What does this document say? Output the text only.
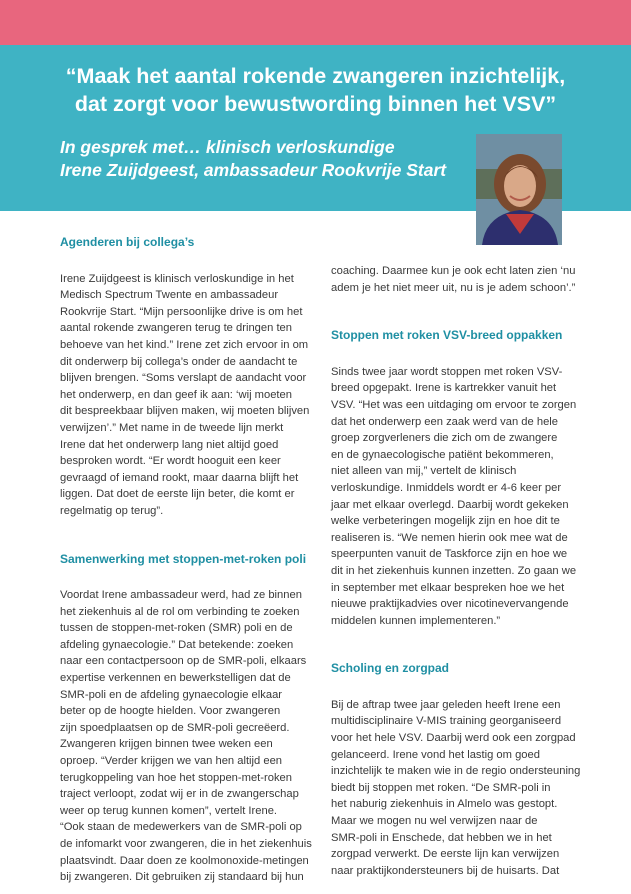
“Maak het aantal rokende zwangeren inzichtelijk,
dat zorgt voor bewustwording binnen het VSV”
In gesprek met… klinisch verloskundige
Irene Zuijdgeest, ambassadeur Rookvrije Start

Agenderen bij collega’s

Irene Zuijdgeest is klinisch verloskundige in het
Medisch Spectrum Twente en ambassadeur
Rookvrije Start. “Mijn persoonlijke drive is om het
aantal rokende zwangeren terug te dringen ten
behoeve van het kind.” Irene zet zich ervoor in om
dit onderwerp bij collega’s onder de aandacht te
blijven brengen. “Soms verslapt de aandacht voor
het onderwerp, en dan geef ik aan: ‘wij moeten
dit bespreekbaar blijven maken, wij moeten blijven
verwijzen’.” Met name in de tweede lijn merkt
Irene dat het onderwerp lang niet altijd goed
besproken wordt. “Er wordt hooguit een keer
gevraagd of iemand rookt, maar daarna blijft het
liggen. Dat doet de eerste lijn beter, die komt er
regelmatig op terug”.

Samenwerking met stoppen-met-roken poli

Voordat Irene ambassadeur werd, had ze binnen
het ziekenhuis al de rol om verbinding te zoeken
tussen de stoppen-met-roken (SMR) poli en de
afdeling gynaecologie.” Dat betekende: zoeken
naar een contactpersoon op de SMR-poli, elkaars
expertise verkennen en bewerkstelligen dat de
SMR-poli en de afdeling gynaecologie elkaar
beter op de hoogte hielden. Voor zwangeren
zijn spoedplaatsen op de SMR-poli gecreëerd.
Zwangeren krijgen binnen twee weken een
oproep. “Verder krijgen we van hen altijd een
terugkoppeling van hoe het stoppen-met-roken
traject verloopt, zodat wij er in de zwangerschap
weer op terug kunnen komen”, vertelt Irene.
“Ook staan de medewerkers van de SMR-poli op
de infomarkt voor zwangeren, die in het ziekenhuis
plaatsvindt. Daar doen ze koolmonoxide-metingen
bij zwangeren. Dit gebruiken zij standaard bij hun

coaching. Daarmee kun je ook echt laten zien ‘nu
adem je het niet meer uit, nu is je adem schoon’.”

Stoppen met roken VSV-breed oppakken

Sinds twee jaar wordt stoppen met roken VSV-
breed opgepakt. Irene is kartrekker vanuit het
VSV. “Het was een uitdaging om ervoor te zorgen
dat het onderwerp een zaak werd van de hele
groep zorgverleners die zich om de zwangere
en de gynaecologische patiënt bekommeren,
niet alleen van mij,” vertelt de klinisch
verloskundige. Inmiddels wordt er 4-6 keer per
jaar met elkaar overlegd. Daarbij wordt gekeken
welke verbeteringen mogelijk zijn en hoe dit te
realiseren is. “We nemen hierin ook mee wat de
speerpunten vanuit de Taskforce zijn en hoe we
dit in het ziekenhuis kunnen inzetten. Zo gaan we
in september met elkaar bespreken hoe we het
nieuwe praktijkadvies over nicotinevervangende
middelen kunnen implementeren.”

Scholing en zorgpad

Bij de aftrap twee jaar geleden heeft Irene een
multidisciplinaire V-MIS training georganiseerd
voor het hele VSV. Daarbij werd ook een zorgpad
gelanceerd. Irene vond het lastig om goed
inzichtelijk te maken wie in de regio ondersteuning
biedt bij stoppen met roken. “De SMR-poli in
het naburig ziekenhuis in Almelo was gestopt.
Maar we mogen nu wel verwijzen naar de
SMR-poli in Enschede, dat hebben we in het
zorgpad verwerkt. De eerste lijn kan verwijzen
naar praktijkondersteuners bij de huisarts. Dat
